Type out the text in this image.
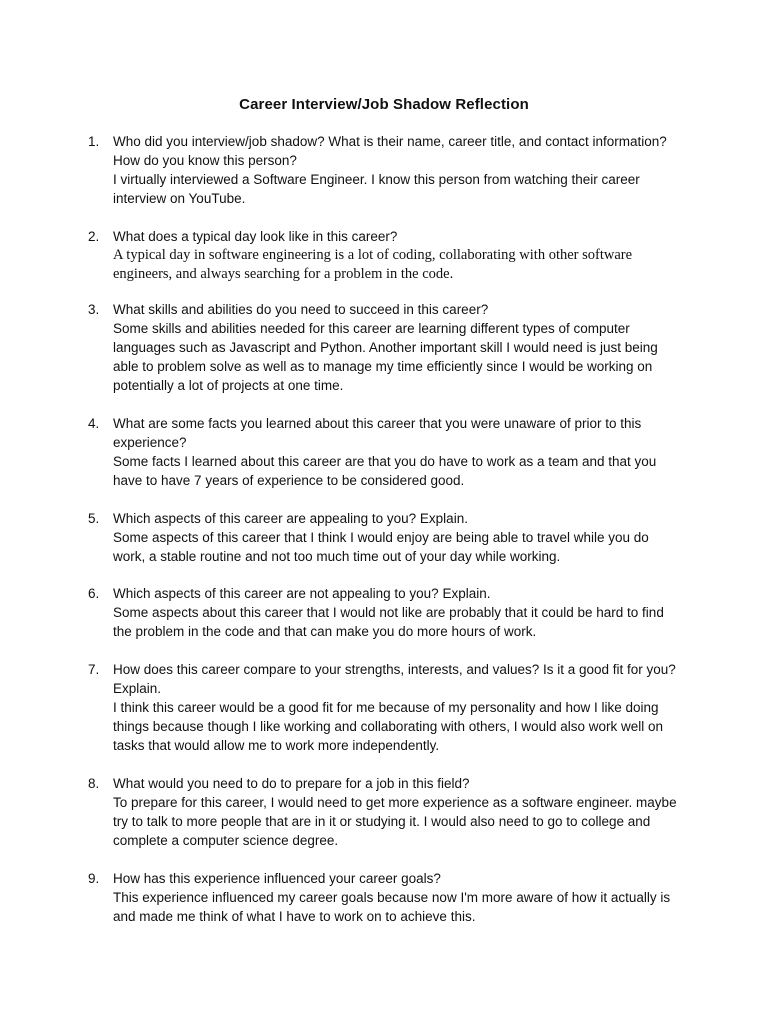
Career Interview/Job Shadow Reflection
1.	Who did you interview/job shadow? What is their name, career title, and contact information? How do you know this person?

I virtually interviewed a Software Engineer. I know this person from watching their career interview on YouTube.

2.	What does a typical day look like in this career?

A typical day in software engineering is a lot of coding, collaborating with other software engineers, and always searching for a problem in the code.

3.	What skills and abilities do you need to succeed in this career?

Some skills and abilities needed for this career are learning different types of computer languages such as Javascript and Python. Another important skill I would need is just being able to problem solve as well as to manage my time efficiently since I would be working on potentially a lot of projects at one time.

4.	What are some facts you learned about this career that you were unaware of prior to this experience?

Some facts I learned about this career are that you do have to work as a team and that you have to have 7 years of experience to be considered good.

5.	Which aspects of this career are appealing to you? Explain.

Some aspects of this career that I think I would enjoy are being able to travel while you do work, a stable routine and not too much time out of your day while working.

6.	Which aspects of this career are not appealing to you? Explain.

Some aspects about this career that I would not like are probably that it could be hard to find the problem in the code and that can make you do more hours of work.

7.	How does this career compare to your strengths, interests, and values? Is it a good fit for you? Explain.

I think this career would be a good fit for me because of my personality and how I like doing things because though I like working and collaborating with others, I would also work well on tasks that would allow me to work more independently.

8.	What would you need to do to prepare for a job in this field?

To prepare for this career, I would need to get more experience as a software engineer. maybe try to talk to more people that are in it or studying it. I would also need to go to college and complete a computer science degree.

9.	How has this experience influenced your career goals?

This experience influenced my career goals because now I'm more aware of how it actually is and made me think of what I have to work on to achieve this.
